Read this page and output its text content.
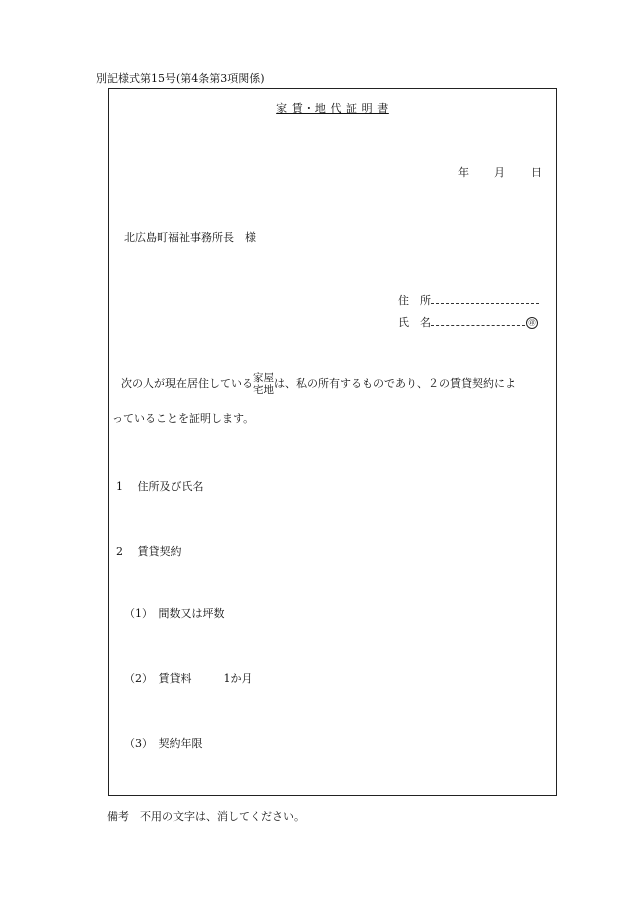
別記様式第15号(第4条第3項関係)
家 賃・地 代 証 明 書
年 月 日
北広島町福祉事務所長　様
住　所
氏　名	㊞
次の人が現在居住している家屋
宅地は、私の所有するものであり、２の賃貸契約によ
っていることを証明します。
1　 住所及び氏名
2　 賃貸契約
（1）　間数又は坪数
（2）　賃貸料	1か月
（3）　契約年限
備考　不用の文字は、消してください。
